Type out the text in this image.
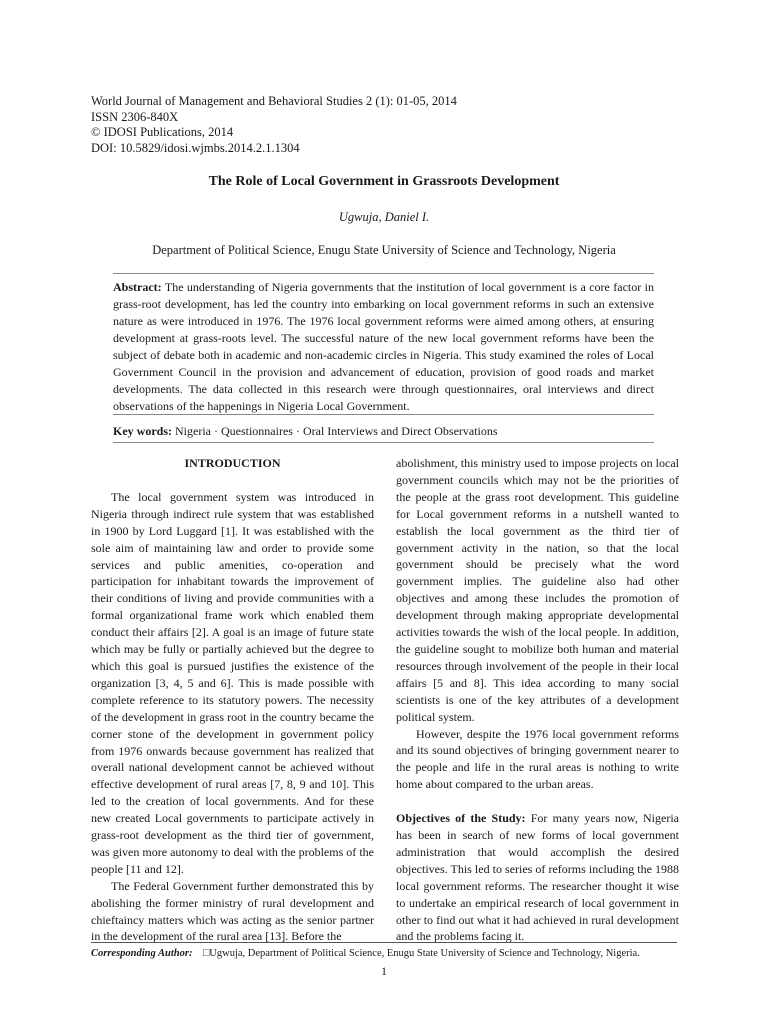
World Journal of Management and Behavioral Studies 2 (1): 01-05, 2014
ISSN 2306-840X
© IDOSI Publications, 2014
DOI: 10.5829/idosi.wjmbs.2014.2.1.1304
The Role of Local Government in Grassroots Development
Ugwuja, Daniel I.
Department of Political Science, Enugu State University of Science and Technology, Nigeria
Abstract: The understanding of Nigeria governments that the institution of local government is a core factor in grass-root development, has led the country into embarking on local government reforms in such an extensive nature as were introduced in 1976. The 1976 local government reforms were aimed among others, at ensuring development at grass-roots level. The successful nature of the new local government reforms have been the subject of debate both in academic and non-academic circles in Nigeria. This study examined the roles of Local Government Council in the provision and advancement of education, provision of good roads and market developments. The data collected in this research were through questionnaires, oral interviews and direct observations of the happenings in Nigeria Local Government.
Key words: Nigeria · Questionnaires · Oral Interviews and Direct Observations
INTRODUCTION

The local government system was introduced in Nigeria through indirect rule system that was established in 1900 by Lord Luggard [1]. It was established with the sole aim of maintaining law and order to provide some services and public amenities, co-operation and participation for inhabitant towards the improvement of their conditions of living and provide communities with a formal organizational frame work which enabled them conduct their affairs [2]. A goal is an image of future state which may be fully or partially achieved but the degree to which this goal is pursued justifies the existence of the organization [3, 4, 5 and 6]. This is made possible with complete reference to its statutory powers. The necessity of the development in grass root in the country became the corner stone of the development in government policy from 1976 onwards because government has realized that overall national development cannot be achieved without effective development of rural areas [7, 8, 9 and 10]. This led to the creation of local governments. And for these new created Local governments to participate actively in grass-root development as the third tier of government, was given more autonomy to deal with the problems of the people [11 and 12].

The Federal Government further demonstrated this by abolishing the former ministry of rural development and chieftaincy matters which was acting as the senior partner in the development of the rural area [13]. Before the

abolishment, this ministry used to impose projects on local government councils which may not be the priorities of the people at the grass root development. This guideline for Local government reforms in a nutshell wanted to establish the local government as the third tier of government activity in the nation, so that the local government should be precisely what the word government implies. The guideline also had other objectives and among these includes the promotion of development through making appropriate developmental activities towards the wish of the local people. In addition, the guideline sought to mobilize both human and material resources through involvement of the people in their local affairs [5 and 8]. This idea according to many social scientists is one of the key attributes of a development political system.

However, despite the 1976 local government reforms and its sound objectives of bringing government nearer to the people and life in the rural areas is nothing to write home about compared to the urban areas.

Objectives of the Study: For many years now, Nigeria has been in search of new forms of local government administration that would accomplish the desired objectives. This led to series of reforms including the 1988 local government reforms. The researcher thought it wise to undertake an empirical research of local government in other to find out what it had achieved in rural development and the problems facing it.

Corresponding Author: □Ugwuja, Department of Political Science, Enugu State University of Science and Technology, Nigeria.
1
